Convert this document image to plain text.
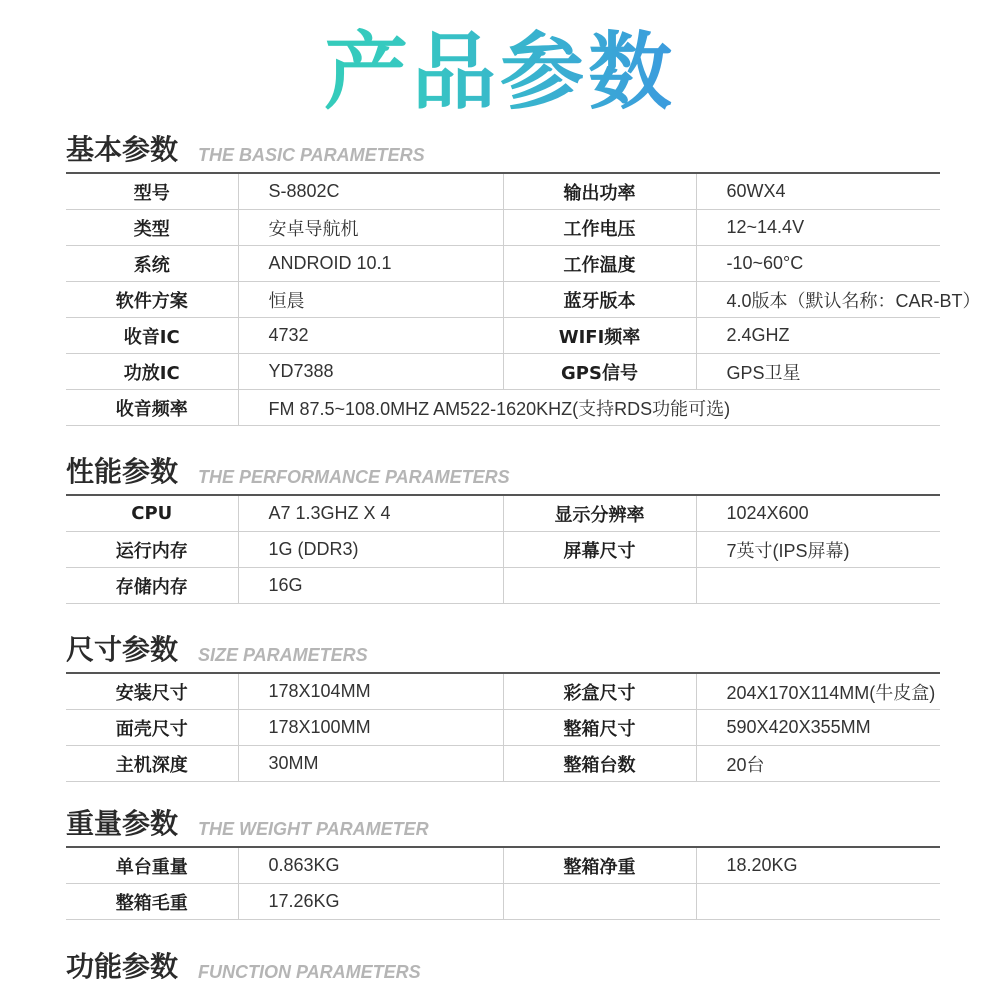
产品参数
基本参数 THE BASIC PARAMETERS
型号	S-8802C	输出功率	60WX4
类型	安卓导航机	工作电压	12~14.4V
系统	ANDROID 10.1	工作温度	-10~60°C
软件方案	恒晨	蓝牙版本	4.0版本（默认名称：CAR-BT）
收音IC	4732	WIFI频率	2.4GHZ
功放IC	YD7388	GPS信号	GPS卫星
收音频率	FM 87.5~108.0MHZ AM522-1620KHZ(支持RDS功能可选)		
性能参数 THE PERFORMANCE PARAMETERS
CPU	A7 1.3GHZ X 4	显示分辨率	1024X600
运行内存	1G (DDR3)	屏幕尺寸	7英寸(IPS屏幕)
存储内存	16G		
尺寸参数 SIZE PARAMETERS
安装尺寸	178X104MM	彩盒尺寸	204X170X114MM(牛皮盒)
面壳尺寸	178X100MM	整箱尺寸	590X420X355MM
主机深度	30MM	整箱台数	20台
重量参数 THE WEIGHT PARAMETER
单台重量	0.863KG	整箱净重	18.20KG
整箱毛重	17.26KG		
功能参数 FUNCTION PARAMETERS
